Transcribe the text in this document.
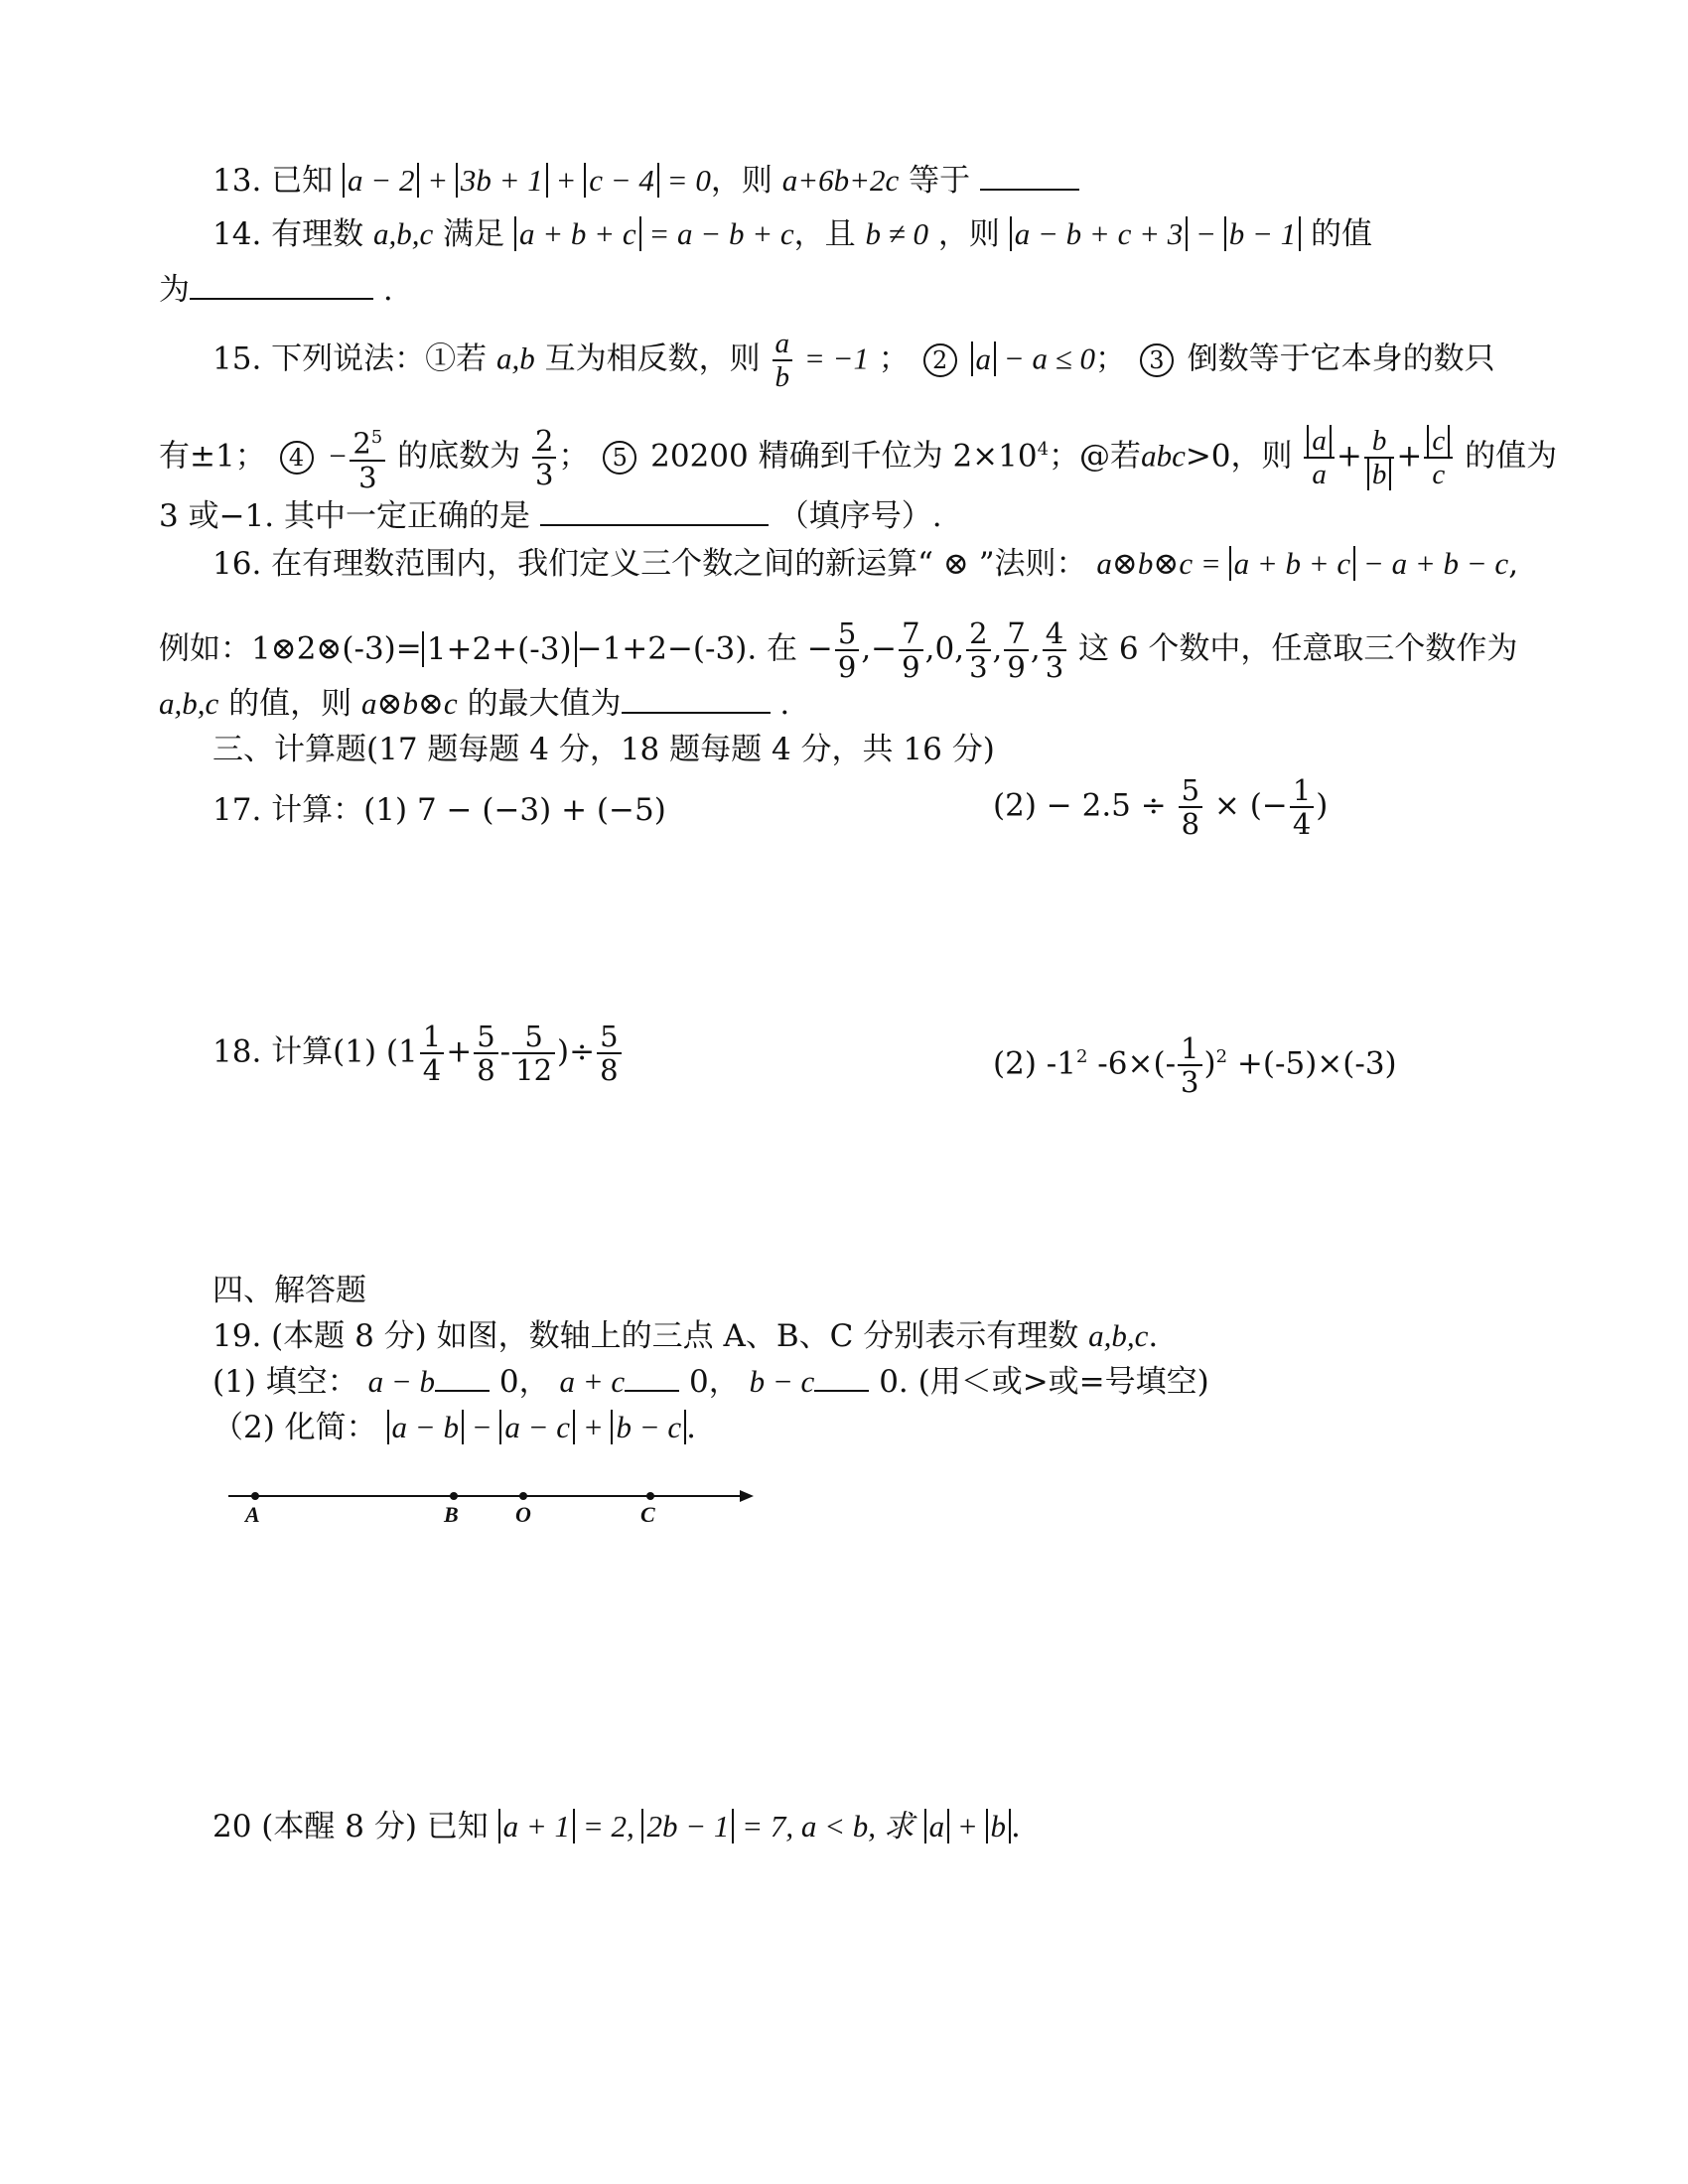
13. 已知 a − 2 + 3b + 1 + c − 4 = 0，则 a+6b+2c 等于
14. 有理数 a,b,c 满足 a + b + c = a − b + c，且 b ≠ 0 ，则 a − b + c + 3 − b − 1 的值
为	.
15. 下列说法：①若 a,b 互为相反数，则 $\frac{a}{b} = -1$ ； 2 a − a ≤ 0； 3 倒数等于它本身的数只
有±1； $4 - \frac{2^5}{3}$ 的底数为 $\frac{2}{3}$ ； 5 20200 精确到千位为 $2\times 10^4$；@若abc>0，则 $\frac{a}{a} + \frac{b}{b} + \frac{c}{c}$ 的值为
3 或−1. 其中一定正确的是	（填序号）.
16. 在有理数范围内，我们定义三个数之间的新运算“ ⊗ ”法则： a⊗b⊗c = a + b + c − a + b − c,
例如：1⊗2⊗(-3)= 1+2+(-3) −1+2−(-3). 在 − $\frac{5}{9}$ ,− $\frac{7}{9} ,0$, $\frac{2}{3}$ , $\frac{7}{9}$ , $\frac{4}{3}$ 这 6 个数中，任意取三个数作为
a,b,c 的值，则 a⊗b⊗c 的最大值为	.
三、计算题(17 题每题 4 分，18 题每题 4 分，共 16 分)
17. 计算：(1) 7 − (−3) + (−5)	$(2) - 2.5 \div \frac{5}{8}$ × (− $\frac{1}{4}$ )
18. 计算(1) ($1 \frac{1}{4} + \frac{5}{8} - \frac{5}{12}$ )÷ $\frac{5}{8}$	(2) $-1^2$ $-6\times(- \frac{1}{3} )^2 +(-5)\times(-3)$
四、解答题
19. (本题 8 分) 如图，数轴上的三点 A、B、C 分别表示有理数 a,b,c.
(1) 填空： a − b 0， a + c 0， b − c 0. (用＜或>或=号填空)
（2) 化简： a − b − a − c + b − c .
A	B	O	C
20 (本醒 8 分) 已知 a + 1 = 2, 2b − 1 = 7, a < b, 求 a + b .
